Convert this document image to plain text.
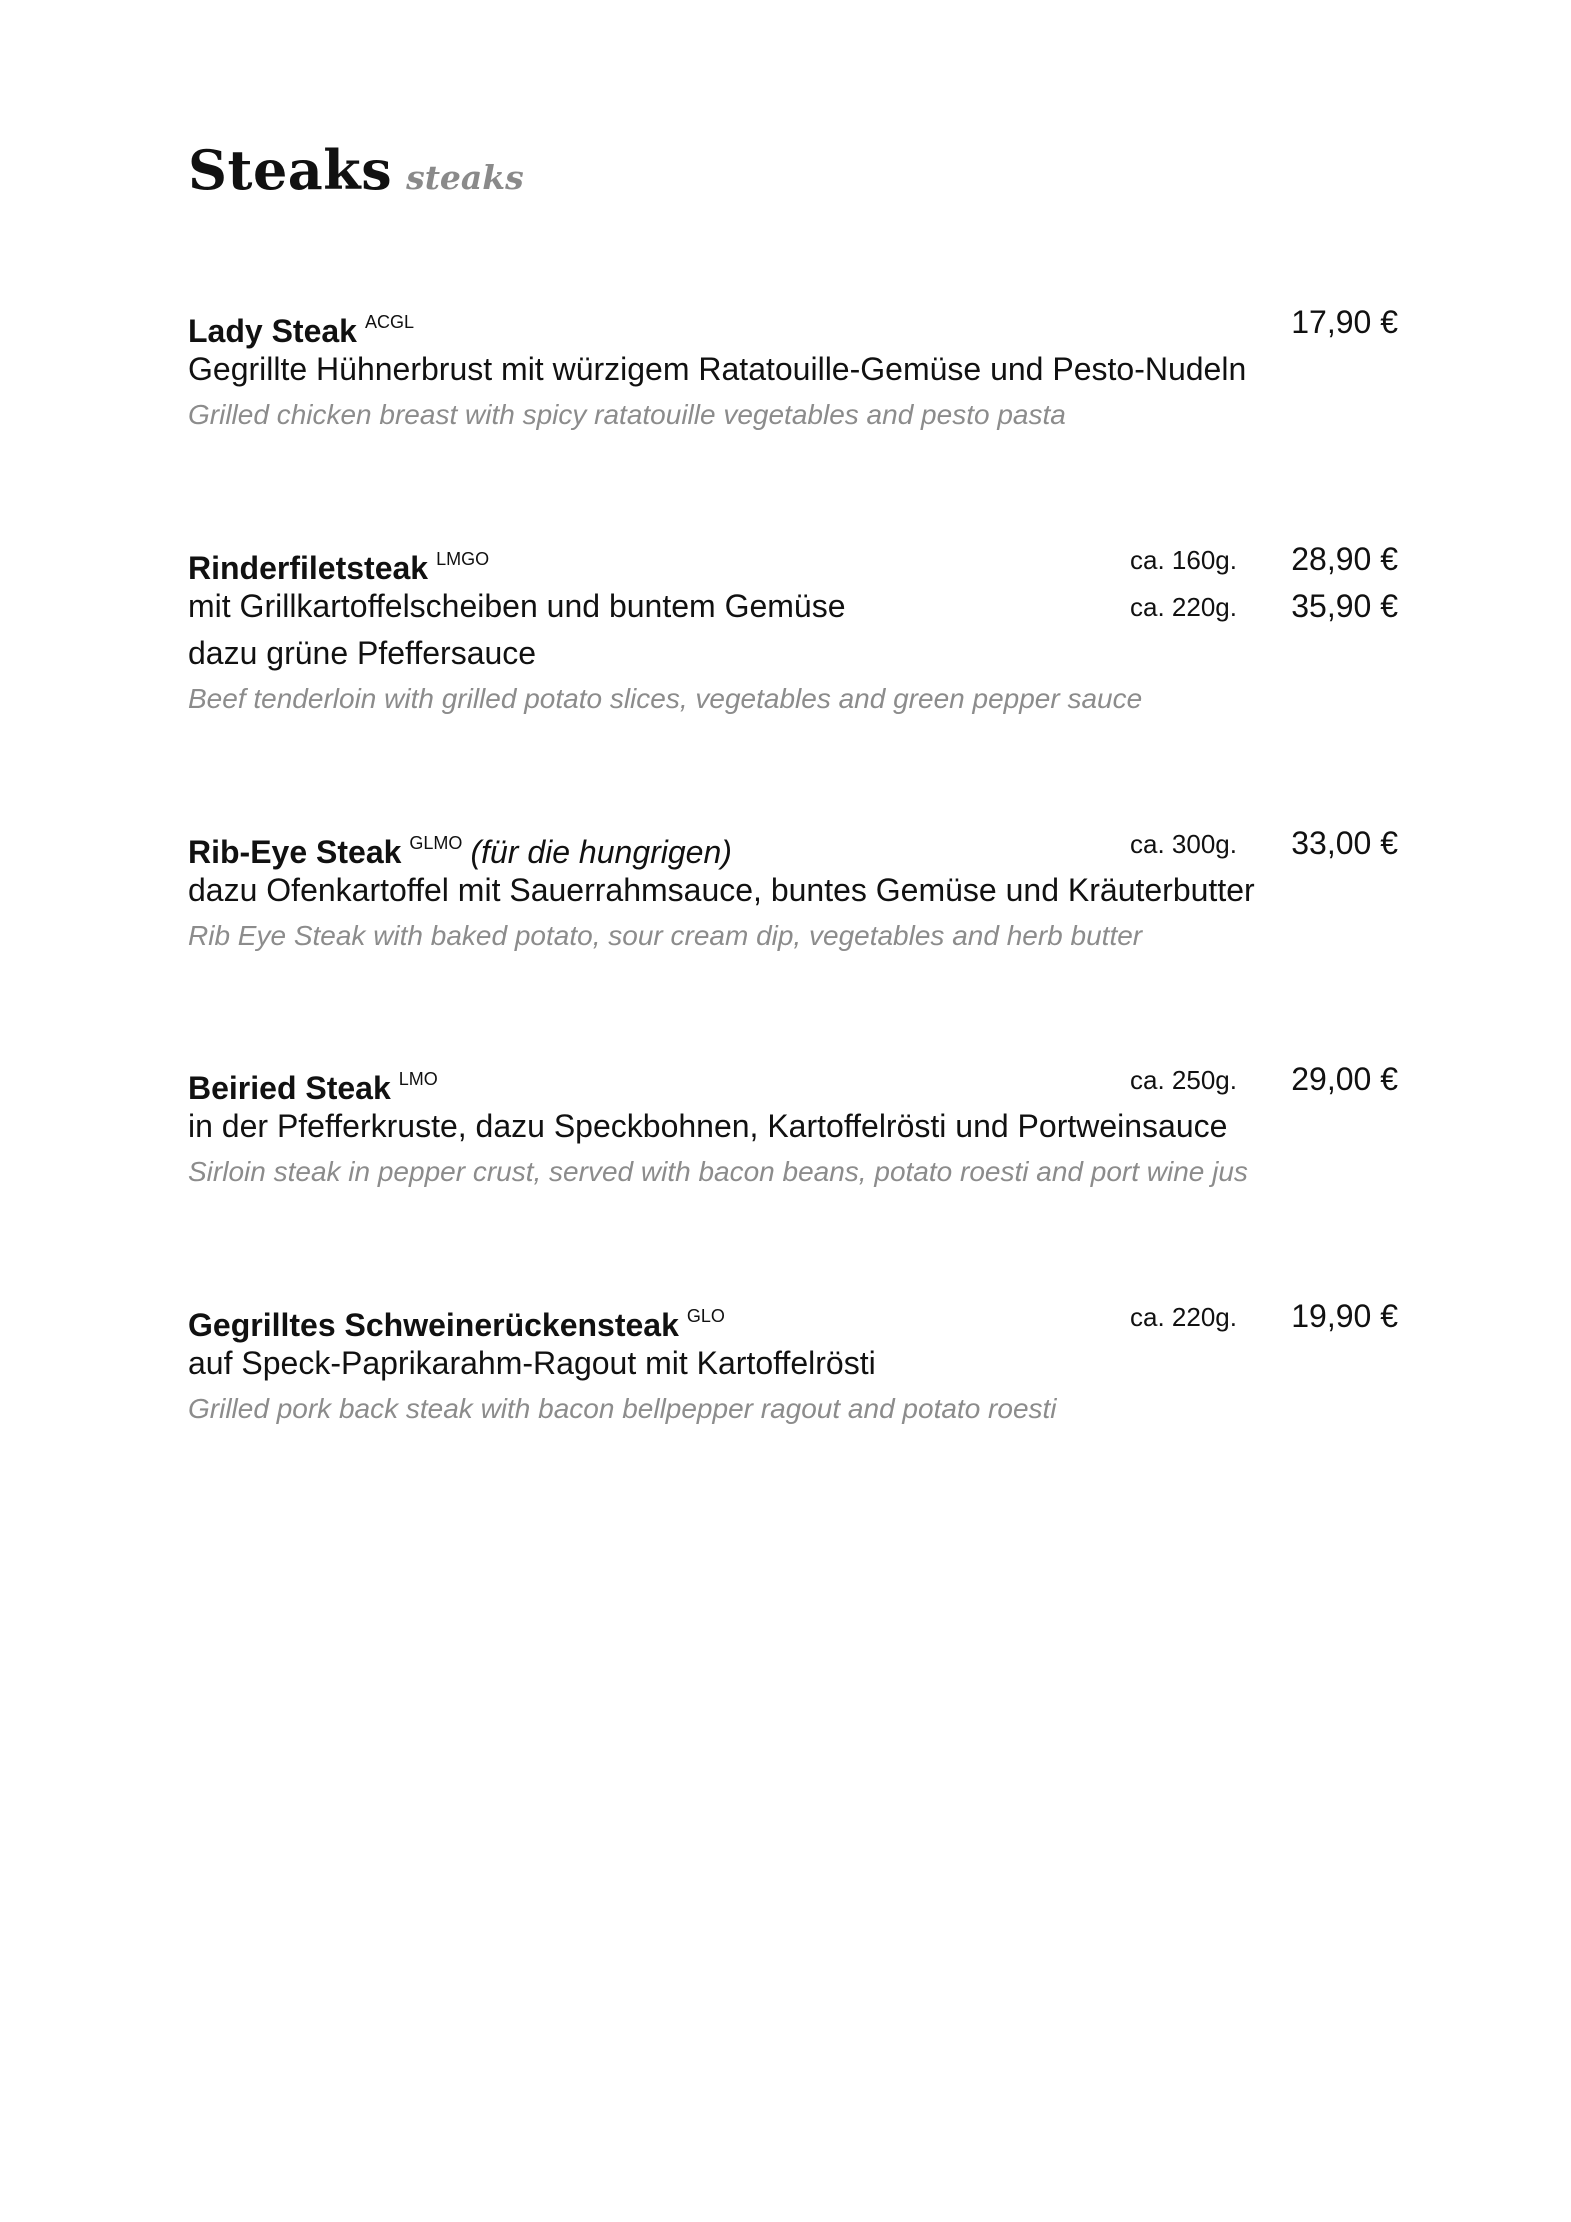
Steaks steaks
Lady Steak $^{ACGL}$	17,90 €
Gegrillte Hühnerbrust mit würzigem Ratatouille-Gemüse und Pesto-Nudeln
Grilled chicken breast with spicy ratatouille vegetables and pesto pasta
Rinderfiletsteak $^{LMGO}$	ca. 160g. 28,90 €
mit Grillkartoffelscheiben und buntem Gemüse	ca. 220g. 35,90 €
dazu grüne Pfeffersauce
Beef tenderloin with grilled potato slices, vegetables and green pepper sauce
Rib-Eye Steak $^{GLMO}$ (für die hungrigen)	ca. 300g. 33,00 €
dazu Ofenkartoffel mit Sauerrahmsauce, buntes Gemüse und Kräuterbutter
Rib Eye Steak with baked potato, sour cream dip, vegetables and herb butter
Beiried Steak $^{LMO}$	ca. 250g. 29,00 €
in der Pfefferkruste, dazu Speckbohnen, Kartoffelrösti und Portweinsauce
Sirloin steak in pepper crust, served with bacon beans, potato roesti and port wine jus
Gegrilltes Schweinerückensteak $^{GLO}$	ca. 220g. 19,90 €
auf Speck-Paprikarahm-Ragout mit Kartoffelrösti
Grilled pork back steak with bacon bellpepper ragout and potato roesti
